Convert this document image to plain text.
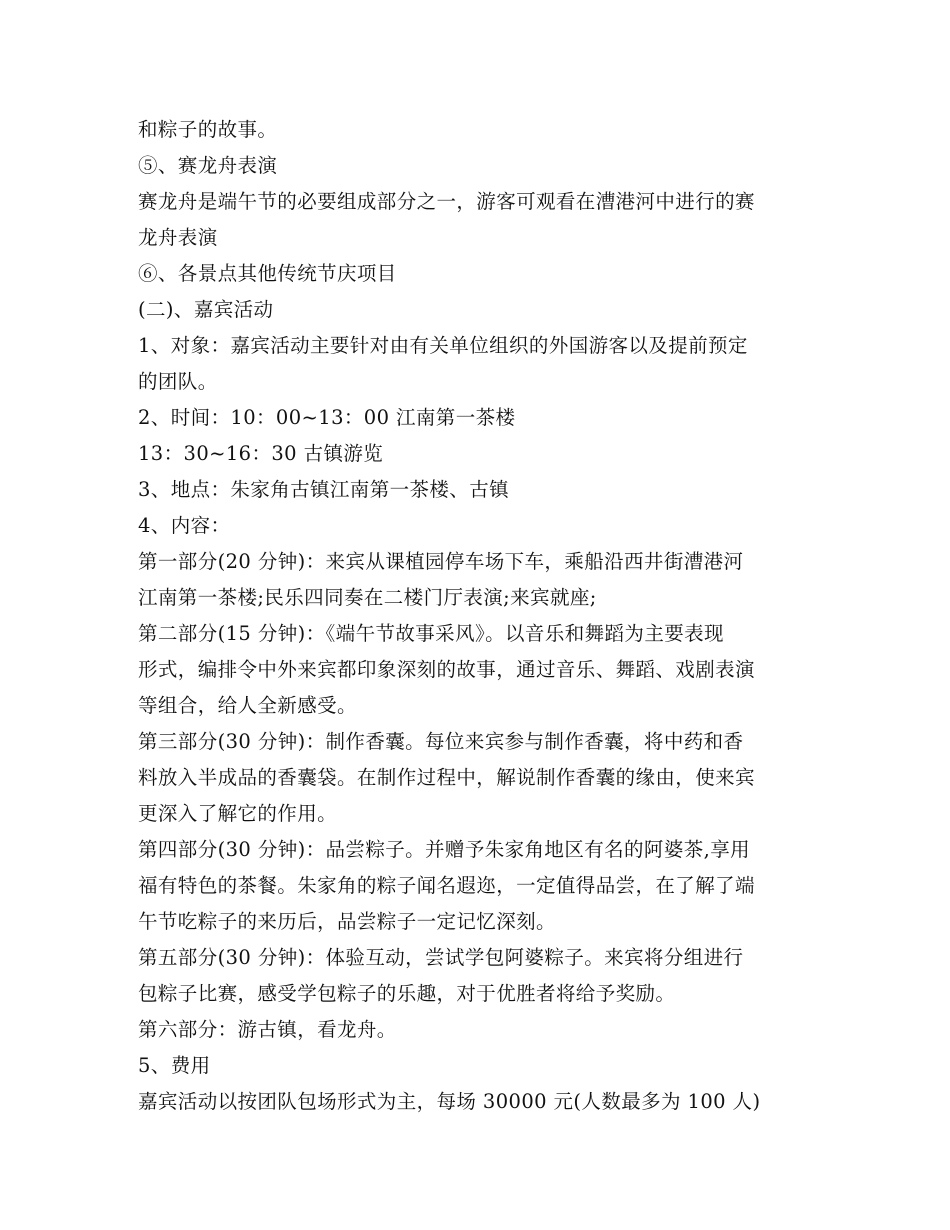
和粽子的故事。
⑤、赛龙舟表演
赛龙舟是端午节的必要组成部分之一，游客可观看在漕港河中进行的赛
龙舟表演
⑥、各景点其他传统节庆项目
(二)、嘉宾活动
1、对象：嘉宾活动主要针对由有关单位组织的外国游客以及提前预定
的团队。
2、时间：10：00~13：00 江南第一茶楼
13：30~16：30 古镇游览
3、地点：朱家角古镇江南第一茶楼、古镇
4、内容：
第一部分(20 分钟)：来宾从课植园停车场下车，乘船沿西井街漕港河
江南第一茶楼;民乐四同奏在二楼门厅表演;来宾就座;
第二部分(15 分钟)：《端午节故事采风》。以音乐和舞蹈为主要表现
形式，编排令中外来宾都印象深刻的故事，通过音乐、舞蹈、戏剧表演
等组合，给人全新感受。
第三部分(30 分钟)：制作香囊。每位来宾参与制作香囊，将中药和香
料放入半成品的香囊袋。在制作过程中，解说制作香囊的缘由，使来宾
更深入了解它的作用。
第四部分(30 分钟)：品尝粽子。并赠予朱家角地区有名的阿婆茶,享用
福有特色的茶餐。朱家角的粽子闻名遐迩，一定值得品尝，在了解了端
午节吃粽子的来历后，品尝粽子一定记忆深刻。
第五部分(30 分钟)：体验互动，尝试学包阿婆粽子。来宾将分组进行
包粽子比赛，感受学包粽子的乐趣，对于优胜者将给予奖励。
第六部分：游古镇，看龙舟。
5、费用
嘉宾活动以按团队包场形式为主，每场 30000 元(人数最多为 100 人)
